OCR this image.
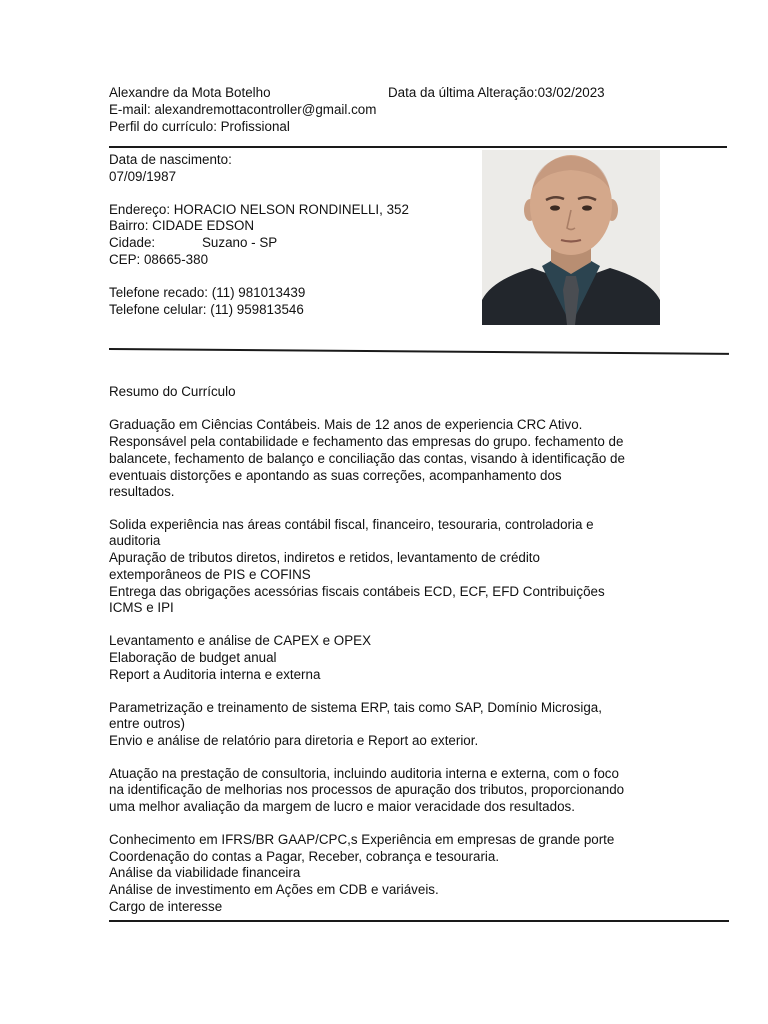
Alexandre da Mota Botelho	Data da última Alteração:03/02/2023
E-mail: alexandremottacontroller@gmail.com
Perfil do currículo: Profissional
Data de nascimento:
07/09/1987
Endereço: HORACIO NELSON RONDINELLI, 352
Bairro: CIDADE EDSON
Cidade:	Suzano - SP
CEP: 08665-380
Telefone recado: (11) 981013439
Telefone celular: (11) 959813546
Resumo do Currículo
Graduação em Ciências Contábeis. Mais de 12 anos de experiencia CRC Ativo.
Responsável pela contabilidade e fechamento das empresas do grupo. fechamento de
balancete, fechamento de balanço e conciliação das contas, visando à identificação de
eventuais distorções e apontando as suas correções, acompanhamento dos
resultados.
Solida experiência nas áreas contábil fiscal, financeiro, tesouraria, controladoria e
auditoria
Apuração de tributos diretos, indiretos e retidos, levantamento de crédito
extemporâneos de PIS e COFINS
Entrega das obrigações acessórias fiscais contábeis ECD, ECF, EFD Contribuições
ICMS e IPI
Levantamento e análise de CAPEX e OPEX
Elaboração de budget anual
Report a Auditoria interna e externa
Parametrização e treinamento de sistema ERP, tais como SAP, Domínio Microsiga,
entre outros)
Envio e análise de relatório para diretoria e Report ao exterior.
Atuação na prestação de consultoria, incluindo auditoria interna e externa, com o foco
na identificação de melhorias nos processos de apuração dos tributos, proporcionando
uma melhor avaliação da margem de lucro e maior veracidade dos resultados.
Conhecimento em IFRS/BR GAAP/CPC,s Experiência em empresas de grande porte
Coordenação do contas a Pagar, Receber, cobrança e tesouraria.
Análise da viabilidade financeira
Análise de investimento em Ações em CDB e variáveis.
Cargo de interesse
